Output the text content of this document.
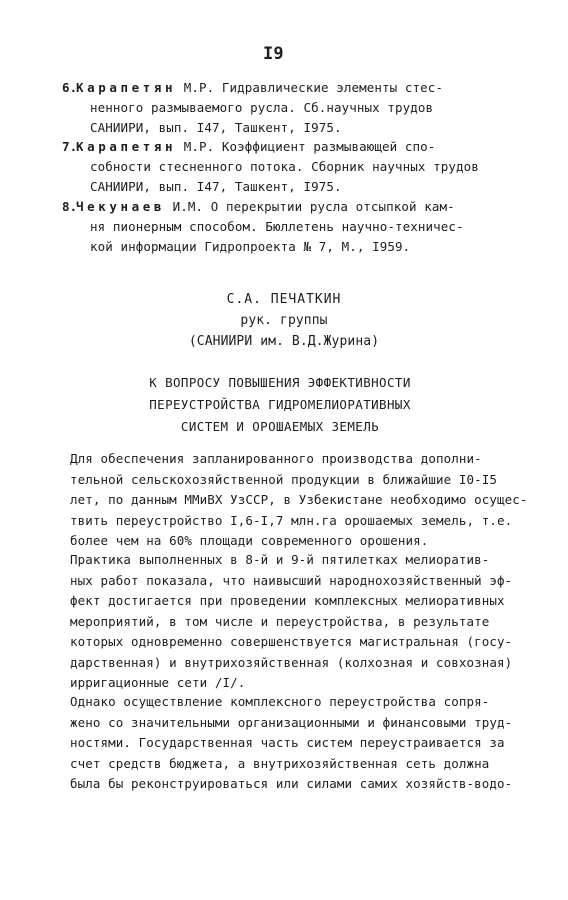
I9
6.Карапетян М.Р. Гидравлические элементы стес-
ненного размываемого русла. Сб.научных трудов
САНИИРИ, вып. I47, Ташкент, I975.
7.Карапетян М.Р. Коэффициент размывающей спо-
собности стесненного потока. Сборник научных трудов
САНИИРИ, вып. I47, Ташкент, I975.
8.Чекунаев И.М. О перекрытии русла отсыпкой кам-
ня пионерным способом. Бюллетень научно-техничес-
кой информации Гидропроекта № 7, М., I959.
С.А. ПЕЧАТКИН
рук. группы
(САНИИРИ им. В.Д.Журина)
К ВОПРОСУ ПОВЫШЕНИЯ ЭФФЕКТИВНОСТИ
ПЕРЕУСТРОЙСТВА ГИДРОМЕЛИОРАТИВНЫХ
СИСТЕМ И ОРОШАЕМЫХ ЗЕМЕЛЬ
Для обеспечения запланированного производства дополни-
тельной сельскохозяйственной продукции в ближайшие I0-I5
лет, по данным ММиВХ УзССР, в Узбекистане необходимо осущес-
твить переустройство I,6-I,7 млн.га орошаемых земель, т.е.
более чем на 60% площади современного орошения.
Практика выполненных в 8-й и 9-й пятилетках мелиоратив-
ных работ показала, что наивысший народнохозяйственный эф-
фект достигается при проведении комплексных мелиоративных
мероприятий, в том числе и переустройства, в результате
которых одновременно совершенствуется магистральная (госу-
дарственная) и внутрихозяйственная (колхозная и совхозная)
ирригационные сети /I/.
Однако осуществление комплексного переустройства сопря-
жено со значительными организационными и финансовыми труд-
ностями. Государственная часть систем переустраивается за
счет средств бюджета, а внутрихозяйственная сеть должна
была бы реконструироваться или силами самих хозяйств-водо-
